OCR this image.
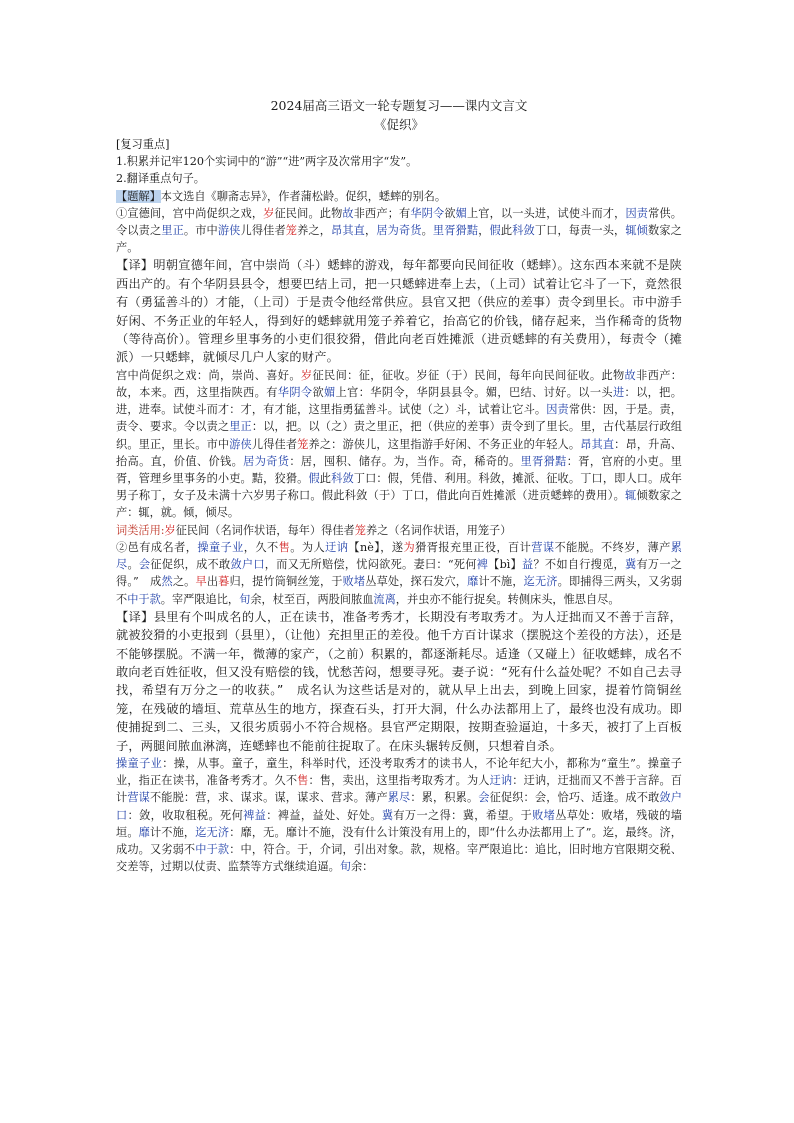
2024届高三语文一轮专题复习——课内文言文
《促织》

[复习重点]

1.积累并记牢120个实词中的“游”“进”两字及次常用字“发”。

2.翻译重点句子。

【题解】本文选自《聊斋志异》，作者蒲松龄。促织，蟋蟀的别名。

①宣德间，宫中尚促织之戏，岁征民间。此物故非西产；有华阴令欲媚上官，以一头进，试使斗而才，因责常供。令以责之里正。市中游侠儿得佳者笼养之，昂其直，居为奇货。里胥猾黠，假此科敛丁口，每责一头，辄倾数家之产。

【译】明朝宣德年间，宫中崇尚（斗）蟋蟀的游戏，每年都要向民间征收（蟋蟀）。这东西本来就不是陕西出产的。有个华阴县县令，想要巴结上司，把一只蟋蟀进奉上去，（上司）试着让它斗了一下，竟然很有（勇猛善斗的）才能，（上司）于是责令他经常供应。县官又把（供应的差事）责令到里长。市中游手好闲、不务正业的年轻人，得到好的蟋蟀就用笼子养着它，抬高它的价钱，储存起来，当作稀奇的货物（等待高价）。管理乡里事务的小吏们很狡猾，借此向老百姓摊派（进贡蟋蟀的有关费用），每责令（摊派）一只蟋蟀，就倾尽几户人家的财产。

宫中尚促织之戏：尚，崇尚、喜好。岁征民间：征，征收。岁征（于）民间，每年向民间征收。此物故非西产：故，本来。西，这里指陕西。有华阴令欲媚上官：华阴令，华阴县县令。媚，巴结、讨好。以一头进：以，把。进，进奉。试使斗而才：才，有才能，这里指勇猛善斗。试使（之）斗，试着让它斗。因责常供：因，于是。责，责令、要求。令以责之里正：以，把。以（之）责之里正，把（供应的差事）责令到了里长。里，古代基层行政组织。里正，里长。市中游侠儿得佳者笼养之：游侠儿，这里指游手好闲、不务正业的年轻人。昂其直：昂，升高、抬高。直，价值、价钱。居为奇货：居，囤积、储存。为，当作。奇，稀奇的。里胥猾黠：胥，官府的小吏。里胥，管理乡里事务的小吏。黠，狡猾。假此科敛丁口：假，凭借、利用。科敛，摊派、征收。丁口，即人口。成年男子称丁，女子及未满十六岁男子称口。假此科敛（于）丁口，借此向百姓摊派（进贡蟋蟀的费用）。辄倾数家之产：辄，就。倾，倾尽。

词类活用:岁征民间（名词作状语，每年）得佳者笼养之（名词作状语，用笼子）

②邑有成名者，操童子业，久不售。为人迂讷【nè】，遂为猾胥报充里正役，百计营谋不能脱。不终岁，薄产累尽。会征促织，成不敢敛户口，而又无所赔偿，忧闷欲死。妻曰：“死何裨【bì】益？不如自行搜觅，冀有万一之得。”　成然之。早出暮归，提竹筒铜丝笼，于败堵丛草处，探石发穴，靡计不施，迄无济。即捕得三两头，又劣弱不中于款。宰严限追比，旬余，杖至百，两股间脓血流离，并虫亦不能行捉矣。转侧床头，惟思自尽。

【译】县里有个叫成名的人，正在读书，准备考秀才，长期没有考取秀才。为人迂拙而又不善于言辞，就被狡猾的小吏报到（县里），（让他）充担里正的差役。他千方百计谋求（摆脱这个差役的方法），还是不能够摆脱。不满一年，微薄的家产，（之前）积累的，都逐渐耗尽。适逢（又碰上）征收蟋蟀，成名不敢向老百姓征收，但又没有赔偿的钱，忧愁苦闷，想要寻死。妻子说：“死有什么益处呢？不如自己去寻找，希望有万分之一的收获。”　成名认为这些话是对的，就从早上出去，到晚上回家，提着竹筒铜丝笼，在残破的墙垣、荒草丛生的地方，探查石头，打开大洞，什么办法都用上了，最终也没有成功。即使捕捉到二、三头，又很劣质弱小不符合规格。县官严定期限，按期查验逼迫，十多天，被打了上百板子，两腿间脓血淋漓，连蟋蟀也不能前往捉取了。在床头辗转反侧，只想着自杀。

操童子业：操，从事。童子，童生，科举时代，还没考取秀才的读书人，不论年纪大小，都称为“童生”。操童子业，指正在读书，准备考秀才。久不售：售，卖出，这里指考取秀才。为人迂讷：迂讷，迂拙而又不善于言辞。百计营谋不能脱：营，求、谋求。谋，谋求、营求。薄产累尽：累，积累。会征促织：会，恰巧、适逢。成不敢敛户口：敛，收取租税。死何裨益：裨益，益处、好处。冀有万一之得：冀，希望。于败堵丛草处：败堵，残破的墙垣。靡计不施，迄无济：靡，无。靡计不施，没有什么计策没有用上的，即“什么办法都用上了”。迄，最终。济，成功。又劣弱不中于款：中，符合。于，介词，引出对象。款，规格。宰严限追比：追比，旧时地方官限期交税、交差等，过期以仗责、监禁等方式继续追逼。旬余：
